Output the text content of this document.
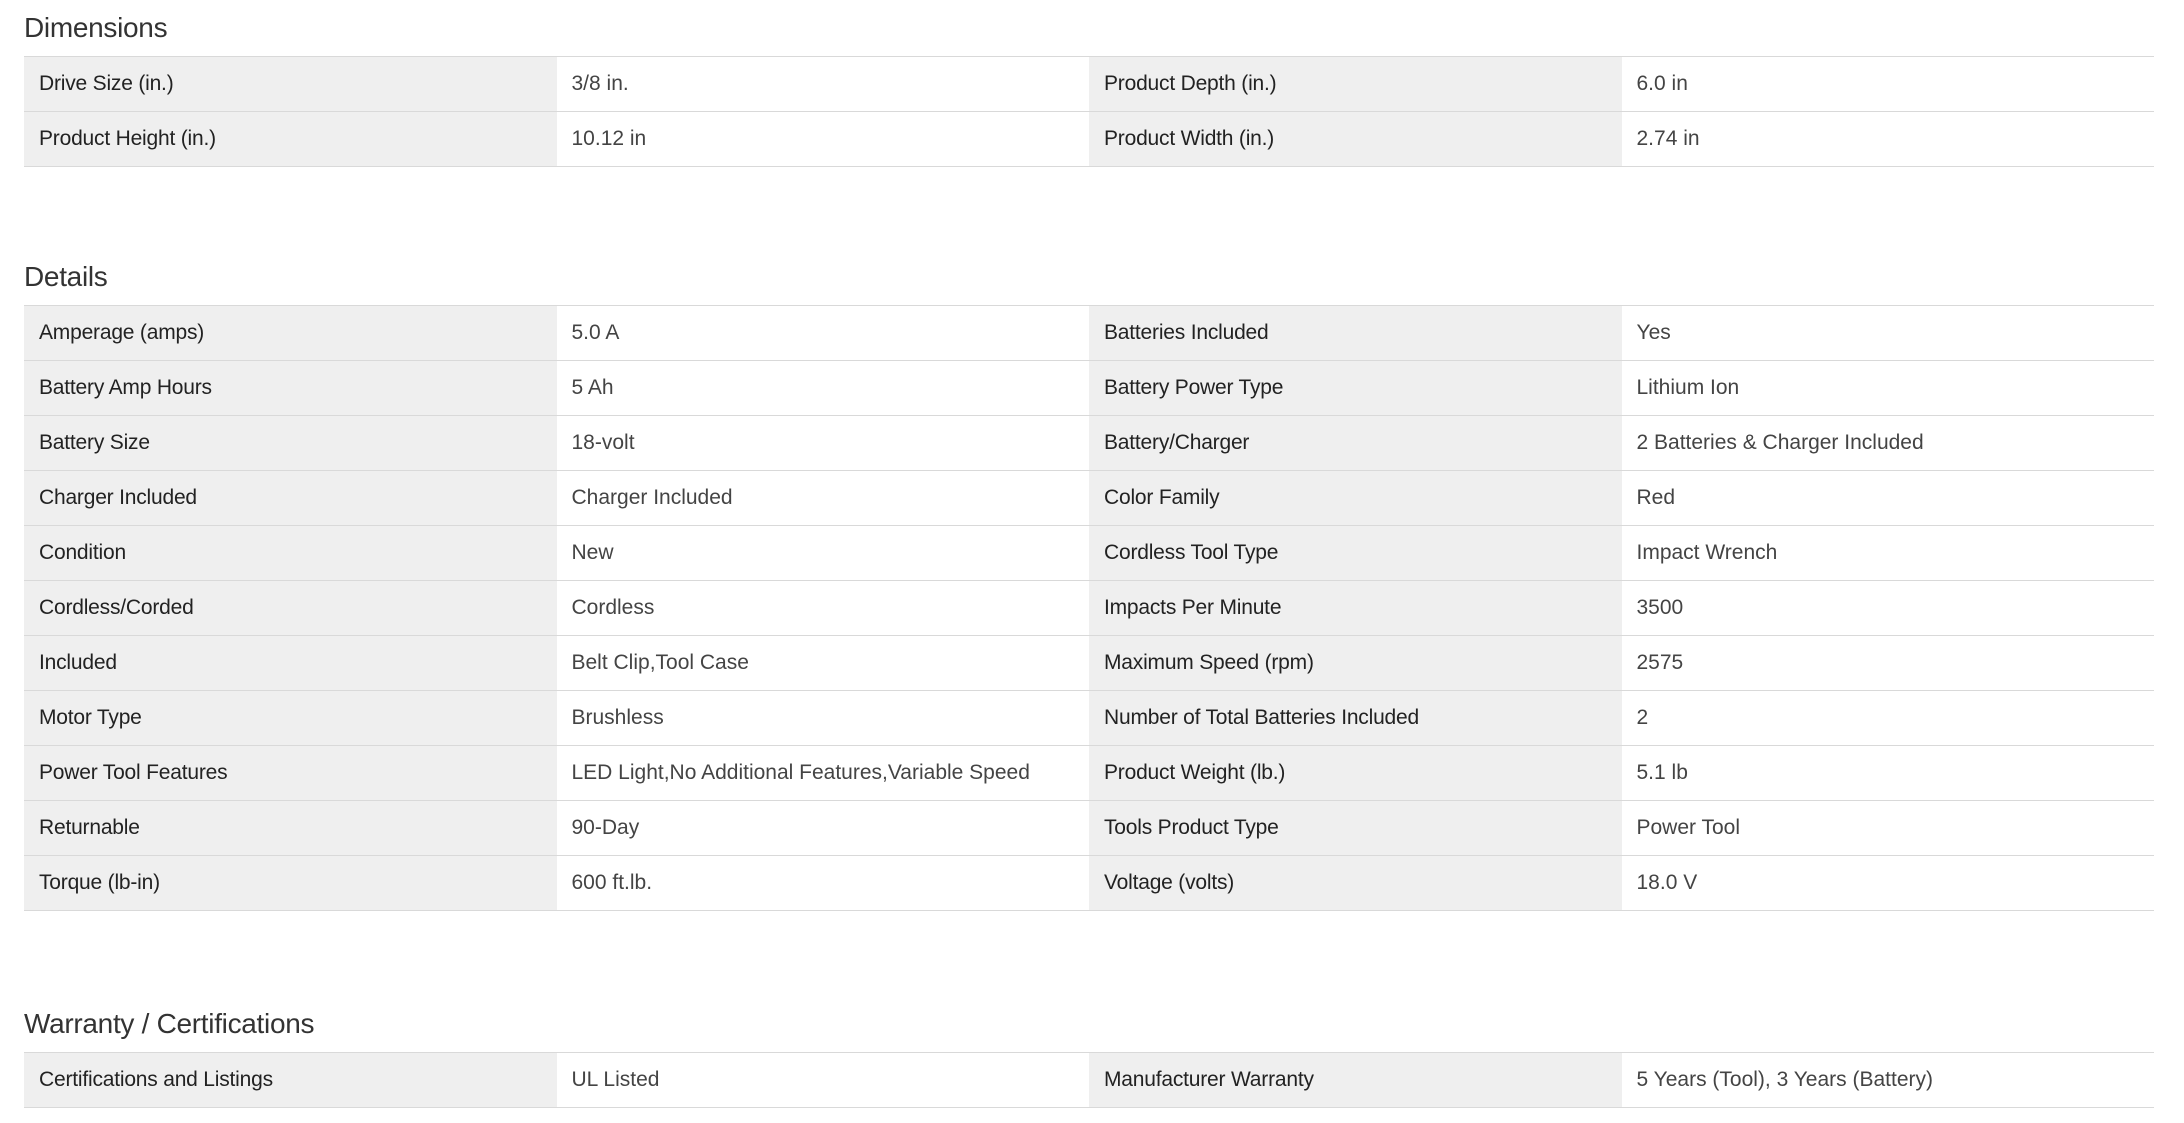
Dimensions
Drive Size (in.)	3/8 in.	Product Depth (in.)	6.0 in
Product Height (in.)	10.12 in	Product Width (in.)	2.74 in
Details
Amperage (amps)	5.0 A	Batteries Included	Yes
Battery Amp Hours	5 Ah	Battery Power Type	Lithium Ion
Battery Size	18-volt	Battery/Charger	2 Batteries & Charger Included
Charger Included	Charger Included	Color Family	Red
Condition	New	Cordless Tool Type	Impact Wrench
Cordless/Corded	Cordless	Impacts Per Minute	3500
Included	Belt Clip,Tool Case	Maximum Speed (rpm)	2575
Motor Type	Brushless	Number of Total Batteries Included	2
Power Tool Features	LED Light,No Additional Features,Variable Speed	Product Weight (lb.)	5.1 lb
Returnable	90-Day	Tools Product Type	Power Tool
Torque (lb-in)	600 ft.lb.	Voltage (volts)	18.0 V
Warranty / Certifications
Certifications and Listings	UL Listed	Manufacturer Warranty	5 Years (Tool), 3 Years (Battery)
